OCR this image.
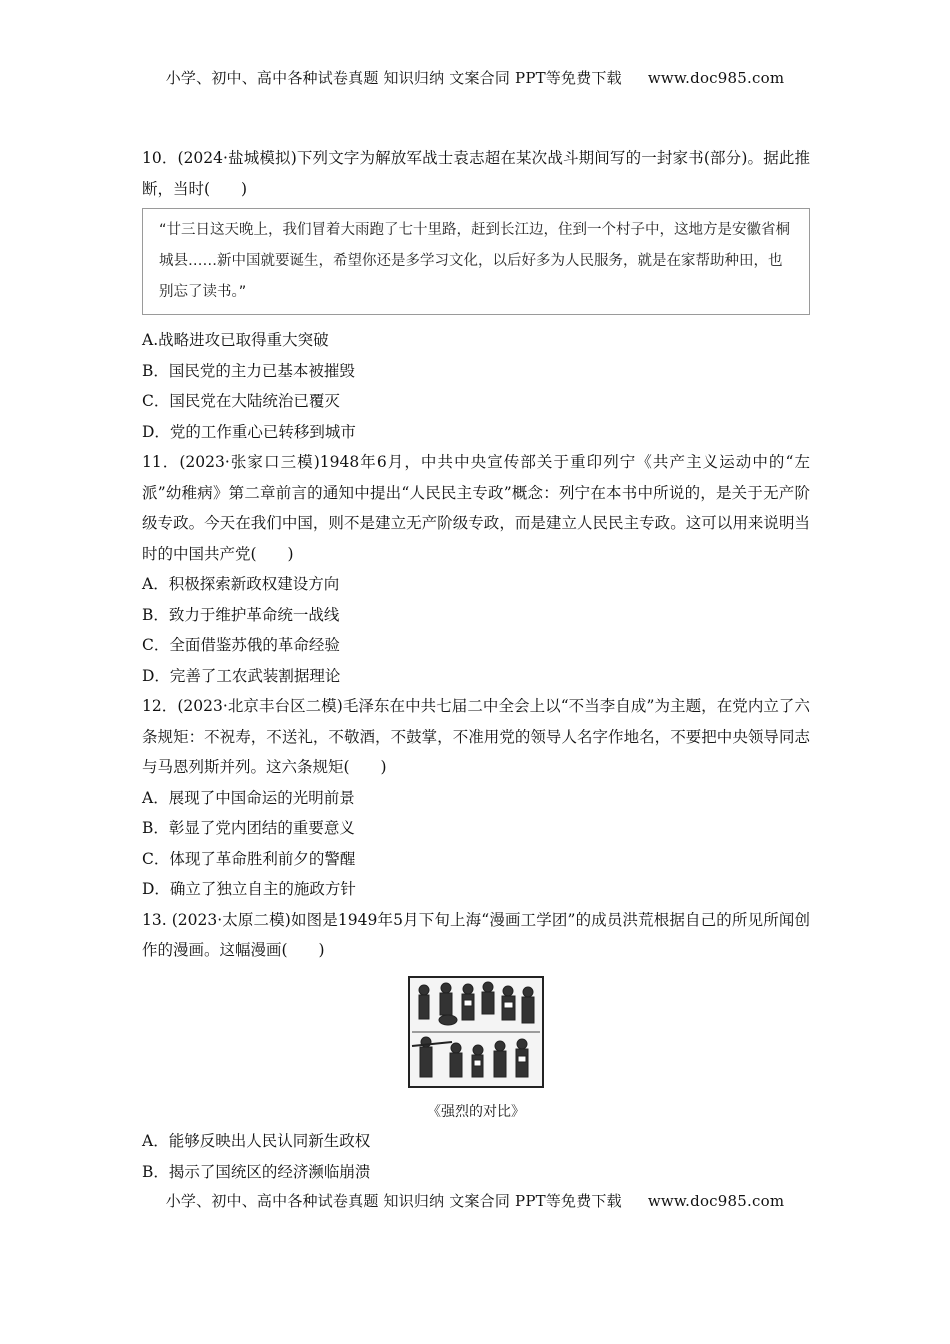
小学、初中、高中各种试卷真题 知识归纳 文案合同 PPT等免费下载 www.doc985.com

10．(2024·盐城模拟)下列文字为解放军战士袁志超在某次战斗期间写的一封家书(部分)。据此推断，当时(　　)

“廿三日这天晚上，我们冒着大雨跑了七十里路，赶到长江边，住到一个村子中，这地方是安徽省桐城县……新中国就要诞生，希望你还是多学习文化，以后好多为人民服务，就是在家帮助种田，也别忘了读书。”

A.战略进攻已取得重大突破

B．国民党的主力已基本被摧毁

C．国民党在大陆统治已覆灭

D．党的工作重心已转移到城市

11．(2023·张家口三模)1948年6月，中共中央宣传部关于重印列宁《共产主义运动中的“左派”幼稚病》第二章前言的通知中提出“人民民主专政”概念：列宁在本书中所说的，是关于无产阶级专政。今天在我们中国，则不是建立无产阶级专政，而是建立人民民主专政。这可以用来说明当时的中国共产党(　　)

A．积极探索新政权建设方向

B．致力于维护革命统一战线

C．全面借鉴苏俄的革命经验

D．完善了工农武装割据理论

12．(2023·北京丰台区二模)毛泽东在中共七届二中全会上以“不当李自成”为主题，在党内立了六条规矩：不祝寿，不送礼，不敬酒，不鼓掌，不准用党的领导人名字作地名，不要把中央领导同志与马恩列斯并列。这六条规矩(　　)

A．展现了中国命运的光明前景

B．彰显了党内团结的重要意义

C．体现了革命胜利前夕的警醒

D．确立了独立自主的施政方针

13. (2023·太原二模)如图是1949年5月下旬上海“漫画工学团”的成员洪荒根据自己的所见所闻创作的漫画。这幅漫画(　　)

《强烈的对比》

A．能够反映出人民认同新生政权

B．揭示了国统区的经济濒临崩溃

小学、初中、高中各种试卷真题 知识归纳 文案合同 PPT等免费下载 www.doc985.com
